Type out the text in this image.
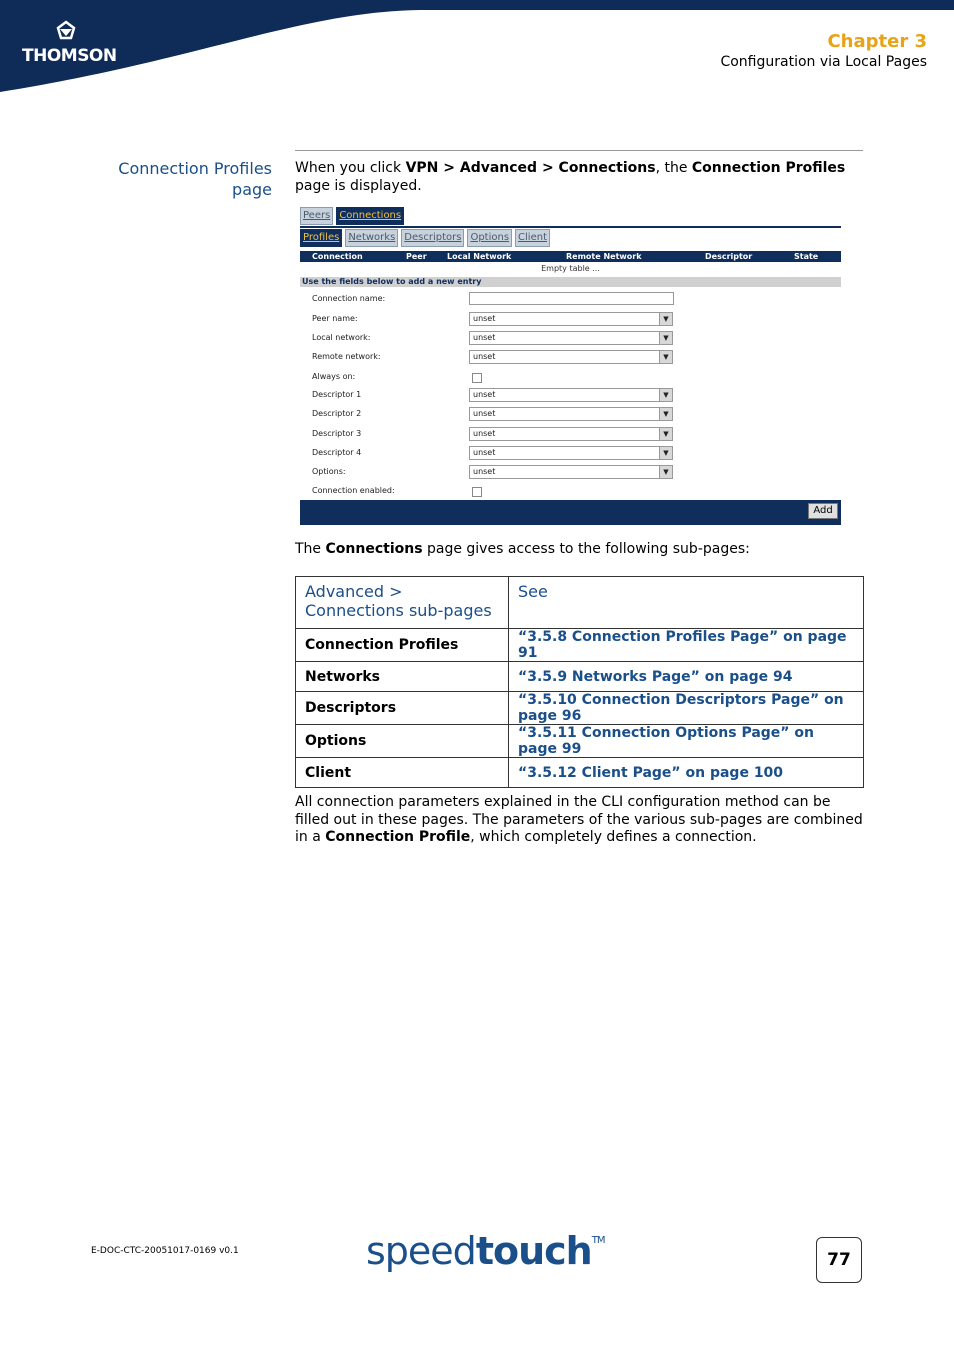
THOMSON
Chapter 3
Configuration via Local Pages
Connection Profiles
page
When you click VPN > Advanced > Connections, the Connection Profiles page is displayed.
Peers Connections
Profiles Networks Descriptors Options Client
Connection	Peer	Local Network	Remote Network	Descriptor	State
Empty table ...
Use the fields below to add a new entry
Connection name:
Peer name:	unset	▼
Local network:	unset	▼
Remote network:	unset	▼
Always on:
Descriptor 1	unset	▼
Descriptor 2	unset	▼
Descriptor 3	unset	▼
Descriptor 4	unset	▼
Options:	unset	▼
Connection enabled:
Add
The Connections page gives access to the following sub-pages:
Advanced > Connections sub-pages	See
Connection Profiles	“3.5.8 Connection Profiles Page” on page 91
Networks	“3.5.9 Networks Page” on page 94
Descriptors	“3.5.10 Connection Descriptors Page” on page 96
Options	“3.5.11 Connection Options Page” on page 99
Client	“3.5.12 Client Page” on page 100
All connection parameters explained in the CLI configuration method can be filled out in these pages. The parameters of the various sub-pages are combined in a Connection Profile, which completely defines a connection.
E-DOC-CTC-20051017-0169 v0.1	speedtouch™
77
